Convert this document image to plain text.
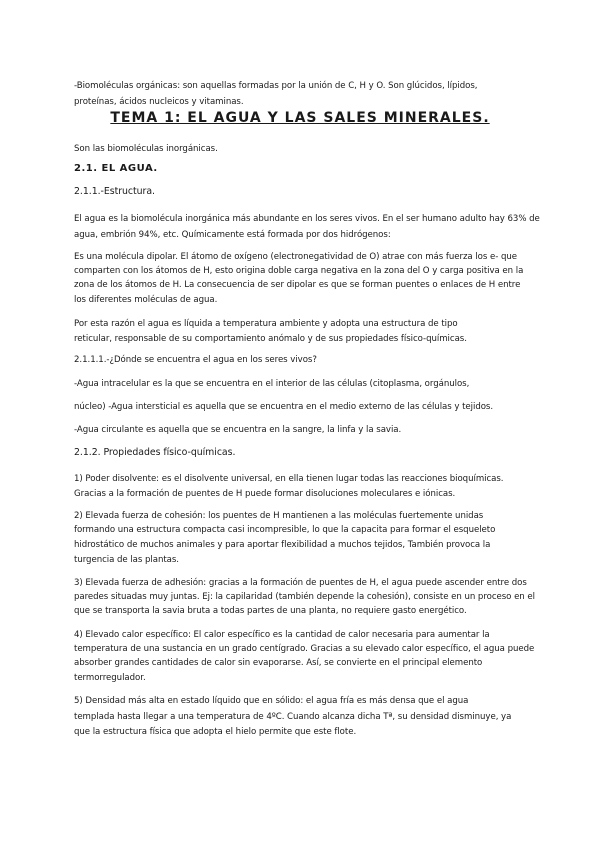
-Biomoléculas orgánicas: son aquellas formadas por la unión de C, H y O. Son glúcidos, lípidos,
proteínas, ácidos nucleicos y vitaminas.
TEMA 1: EL AGUA Y LAS SALES MINERALES.
Son las biomoléculas inorgánicas.
2.1. EL AGUA.
2.1.1.-Estructura.
El agua es la biomolécula inorgánica más abundante en los seres vivos. En el ser humano adulto hay 63% de
agua, embrión 94%, etc. Químicamente está formada por dos hidrógenos:
Es una molécula dipolar. El átomo de oxígeno (electronegatividad de O) atrae con más fuerza los e- que
comparten con los átomos de H, esto origina doble carga negativa en la zona del O y carga positiva en la
zona de los átomos de H. La consecuencia de ser dipolar es que se forman puentes o enlaces de H entre
los diferentes moléculas de agua.
Por esta razón el agua es líquida a temperatura ambiente y adopta una estructura de tipo
reticular, responsable de su comportamiento anómalo y de sus propiedades físico-químicas.
2.1.1.1.-¿Dónde se encuentra el agua en los seres vivos?
-Agua intracelular es la que se encuentra en el interior de las células (citoplasma, orgánulos,
núcleo) -Agua intersticial es aquella que se encuentra en el medio externo de las células y tejidos.
-Agua circulante es aquella que se encuentra en la sangre, la linfa y la savia.
2.1.2. Propiedades físico-químicas.
1) Poder disolvente: es el disolvente universal, en ella tienen lugar todas las reacciones bioquímicas.
Gracias a la formación de puentes de H puede formar disoluciones moleculares e iónicas.
2) Elevada fuerza de cohesión: los puentes de H mantienen a las moléculas fuertemente unidas
formando una estructura compacta casi incompresible, lo que la capacita para formar el esqueleto
hidrostático de muchos animales y para aportar flexibilidad a muchos tejidos, También provoca la
turgencia de las plantas.
3) Elevada fuerza de adhesión: gracias a la formación de puentes de H, el agua puede ascender entre dos
paredes situadas muy juntas. Ej: la capilaridad (también depende la cohesión), consiste en un proceso en el
que se transporta la savia bruta a todas partes de una planta, no requiere gasto energético.
4) Elevado calor específico: El calor específico es la cantidad de calor necesaria para aumentar la
temperatura de una sustancia en un grado centígrado. Gracias a su elevado calor específico, el agua puede
absorber grandes cantidades de calor sin evaporarse. Así, se convierte en el principal elemento
termorregulador.
5) Densidad más alta en estado líquido que en sólido: el agua fría es más densa que el agua
templada hasta llegar a una temperatura de 4ºC. Cuando alcanza dicha Tª, su densidad disminuye, ya
que la estructura física que adopta el hielo permite que este flote.
